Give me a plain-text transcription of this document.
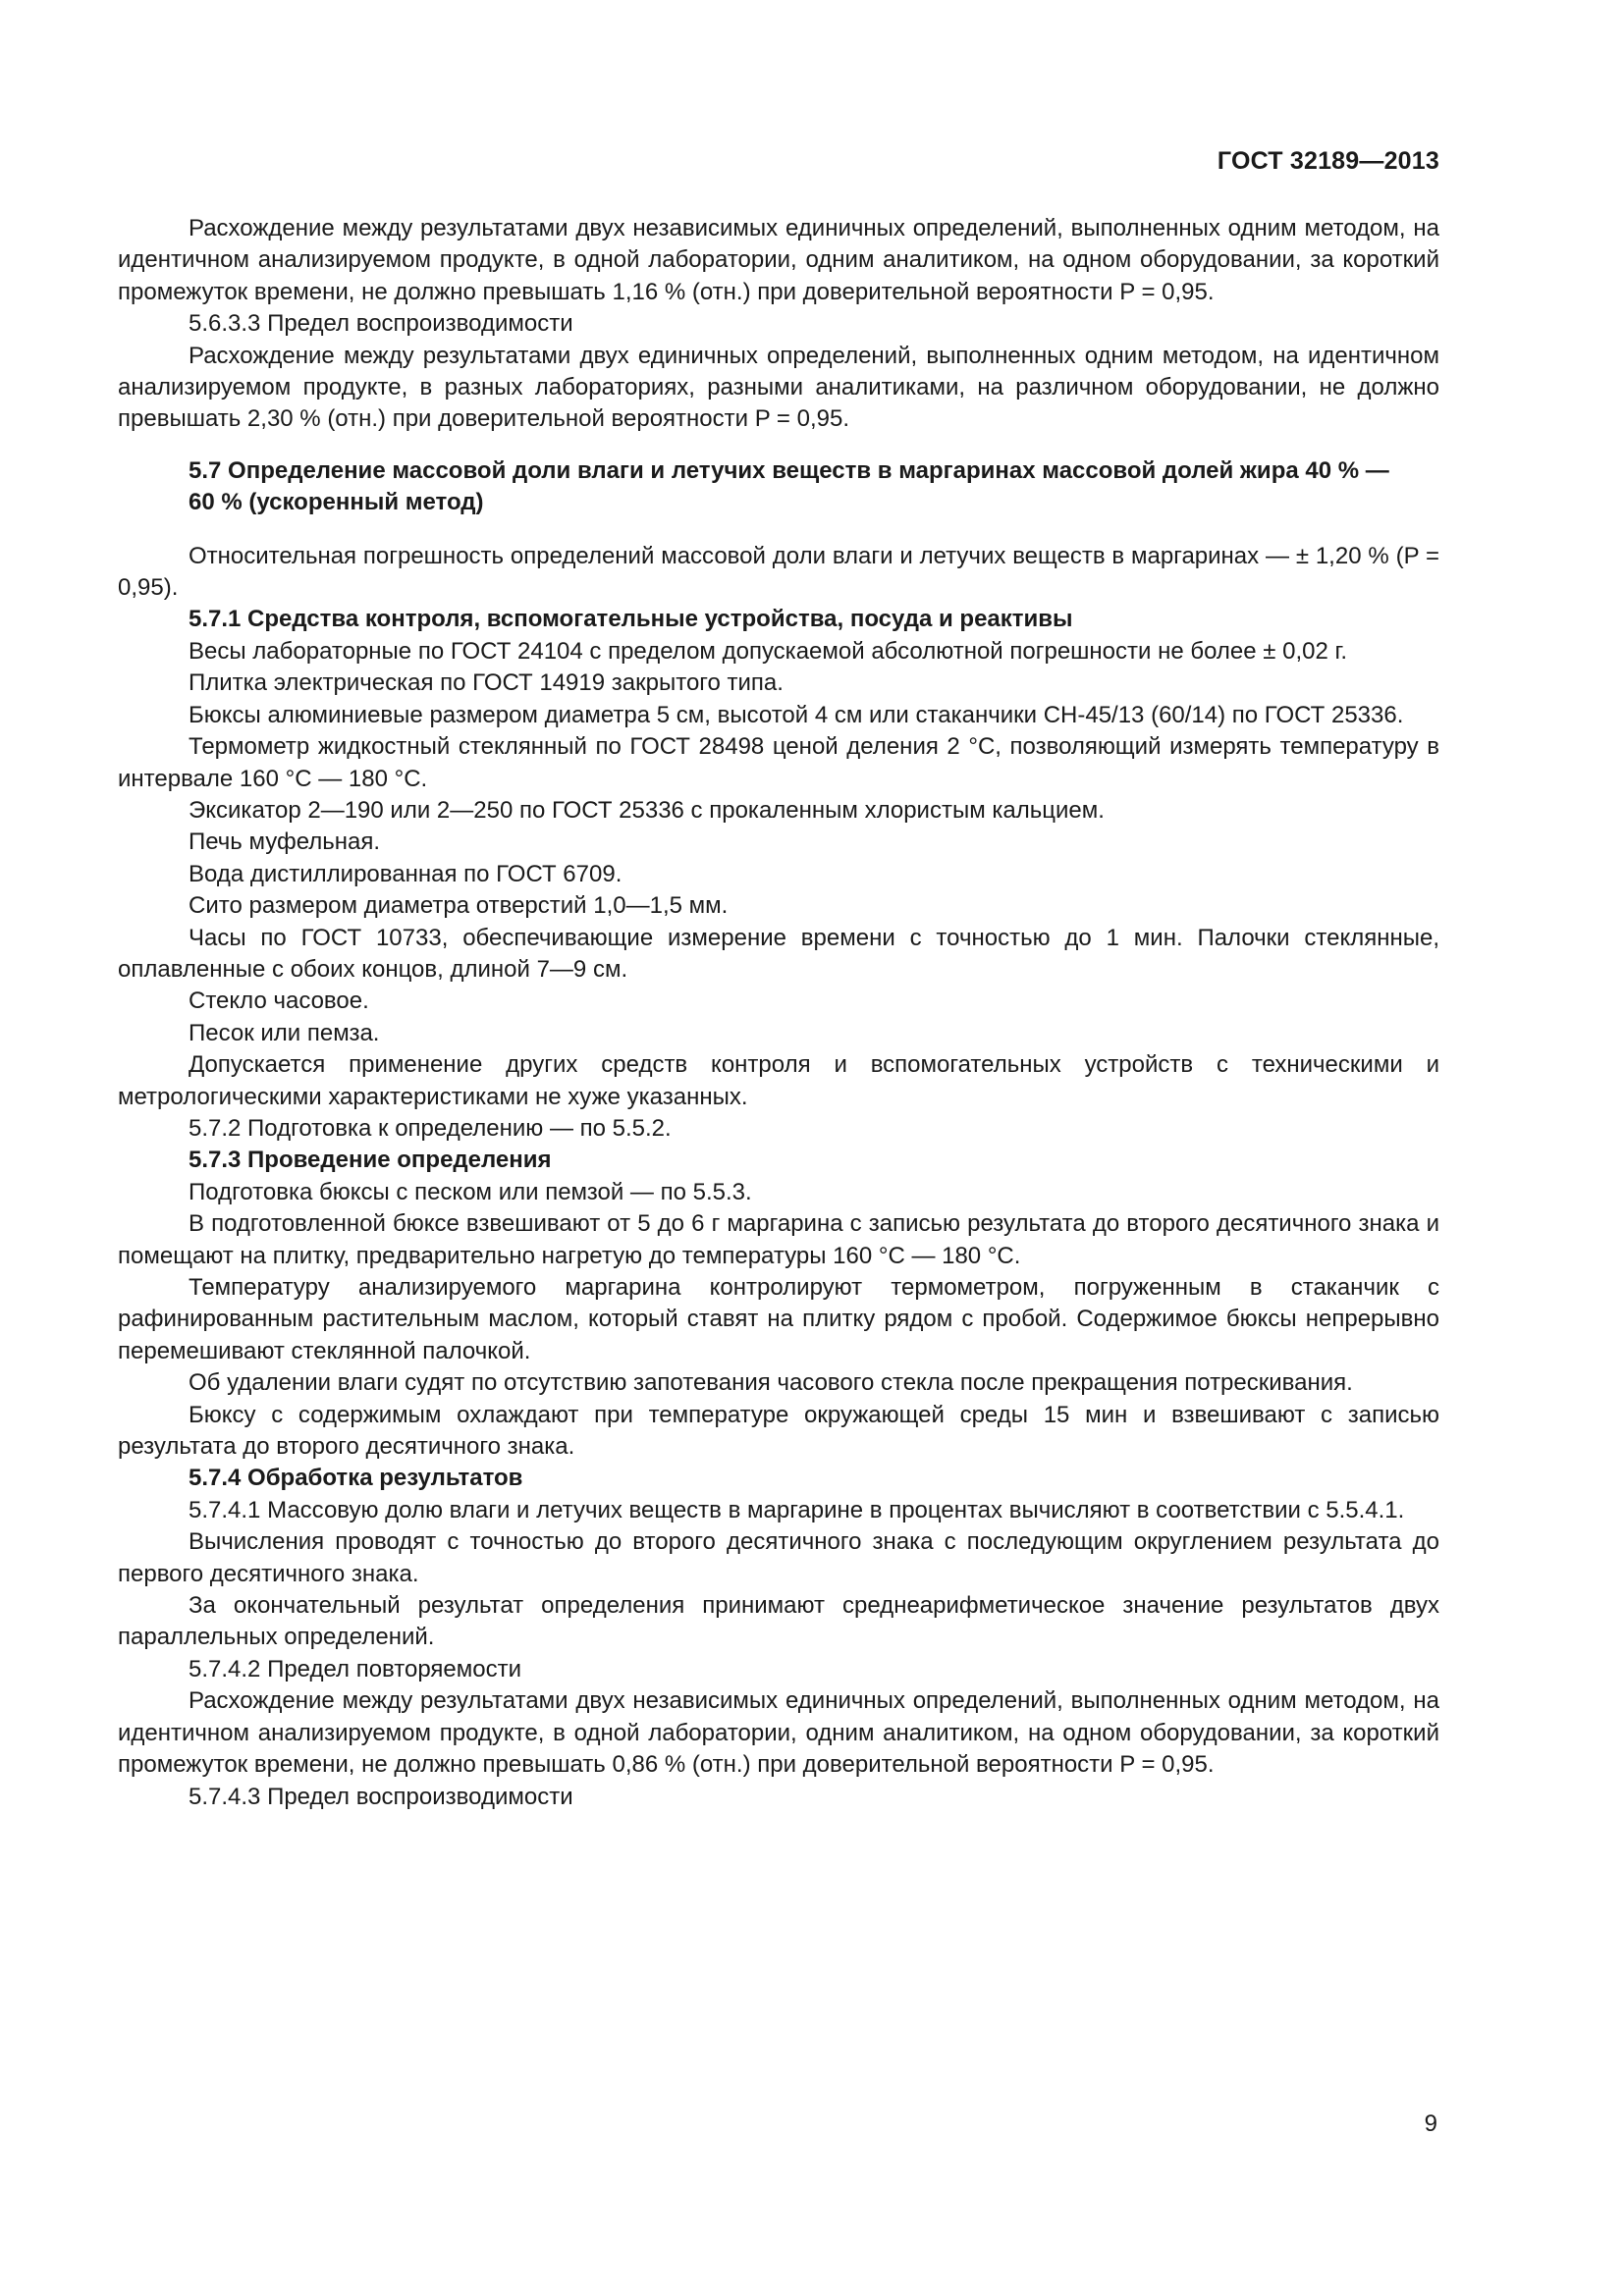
ГОСТ 32189—2013

Расхождение между результатами двух независимых единичных определений, выполненных одним методом, на идентичном анализируемом продукте, в одной лаборатории, одним аналитиком, на одном оборудовании, за короткий промежуток времени, не должно превышать 1,16 % (отн.) при доверительной вероятности P = 0,95.

5.6.3.3 Предел воспроизводимости

Расхождение между результатами двух единичных определений, выполненных одним методом, на идентичном анализируемом продукте, в разных лабораториях, разными аналитиками, на различном оборудовании, не должно превышать 2,30 % (отн.) при доверительной вероятности P = 0,95.

5.7 Определение массовой доли влаги и летучих веществ в маргаринах массовой долей жира 40 % — 60 % (ускоренный метод)

Относительная погрешность определений массовой доли влаги и летучих веществ в маргаринах — ± 1,20 % (P = 0,95).

5.7.1 Средства контроля, вспомогательные устройства, посуда и реактивы

Весы лабораторные по ГОСТ 24104 с пределом допускаемой абсолютной погрешности не более ± 0,02 г.

Плитка электрическая по ГОСТ 14919 закрытого типа.

Бюксы алюминиевые размером диаметра 5 см, высотой 4 см или стаканчики СН-45/13 (60/14) по ГОСТ 25336.

Термометр жидкостный стеклянный по ГОСТ 28498 ценой деления 2 °С, позволяющий измерять температуру в интервале 160 °С — 180 °С.

Эксикатор 2—190 или 2—250 по ГОСТ 25336 с прокаленным хлористым кальцием.

Печь муфельная.

Вода дистиллированная по ГОСТ 6709.

Сито размером диаметра отверстий 1,0—1,5 мм.

Часы по ГОСТ 10733, обеспечивающие измерение времени с точностью до 1 мин. Палочки стеклянные, оплавленные с обоих концов, длиной 7—9 см.

Стекло часовое.

Песок или пемза.

Допускается применение других средств контроля и вспомогательных устройств с техническими и метрологическими характеристиками не хуже указанных.

5.7.2 Подготовка к определению — по 5.5.2.

5.7.3 Проведение определения

Подготовка бюксы с песком или пемзой — по 5.5.3.

В подготовленной бюксе взвешивают от 5 до 6 г маргарина с записью результата до второго десятичного знака и помещают на плитку, предварительно нагретую до температуры 160 °С — 180 °С.

Температуру анализируемого маргарина контролируют термометром, погруженным в стаканчик с рафинированным растительным маслом, который ставят на плитку рядом с пробой. Содержимое бюксы непрерывно перемешивают стеклянной палочкой.

Об удалении влаги судят по отсутствию запотевания часового стекла после прекращения потрескивания.

Бюксу с содержимым охлаждают при температуре окружающей среды 15 мин и взвешивают с записью результата до второго десятичного знака.

5.7.4 Обработка результатов

5.7.4.1 Массовую долю влаги и летучих веществ в маргарине в процентах вычисляют в соответствии с 5.5.4.1.

Вычисления проводят с точностью до второго десятичного знака с последующим округлением результата до первого десятичного знака.

За окончательный результат определения принимают среднеарифметическое значение результатов двух параллельных определений.

5.7.4.2 Предел повторяемости

Расхождение между результатами двух независимых единичных определений, выполненных одним методом, на идентичном анализируемом продукте, в одной лаборатории, одним аналитиком, на одном оборудовании, за короткий промежуток времени, не должно превышать 0,86 % (отн.) при доверительной вероятности P = 0,95.

5.7.4.3 Предел воспроизводимости

9
